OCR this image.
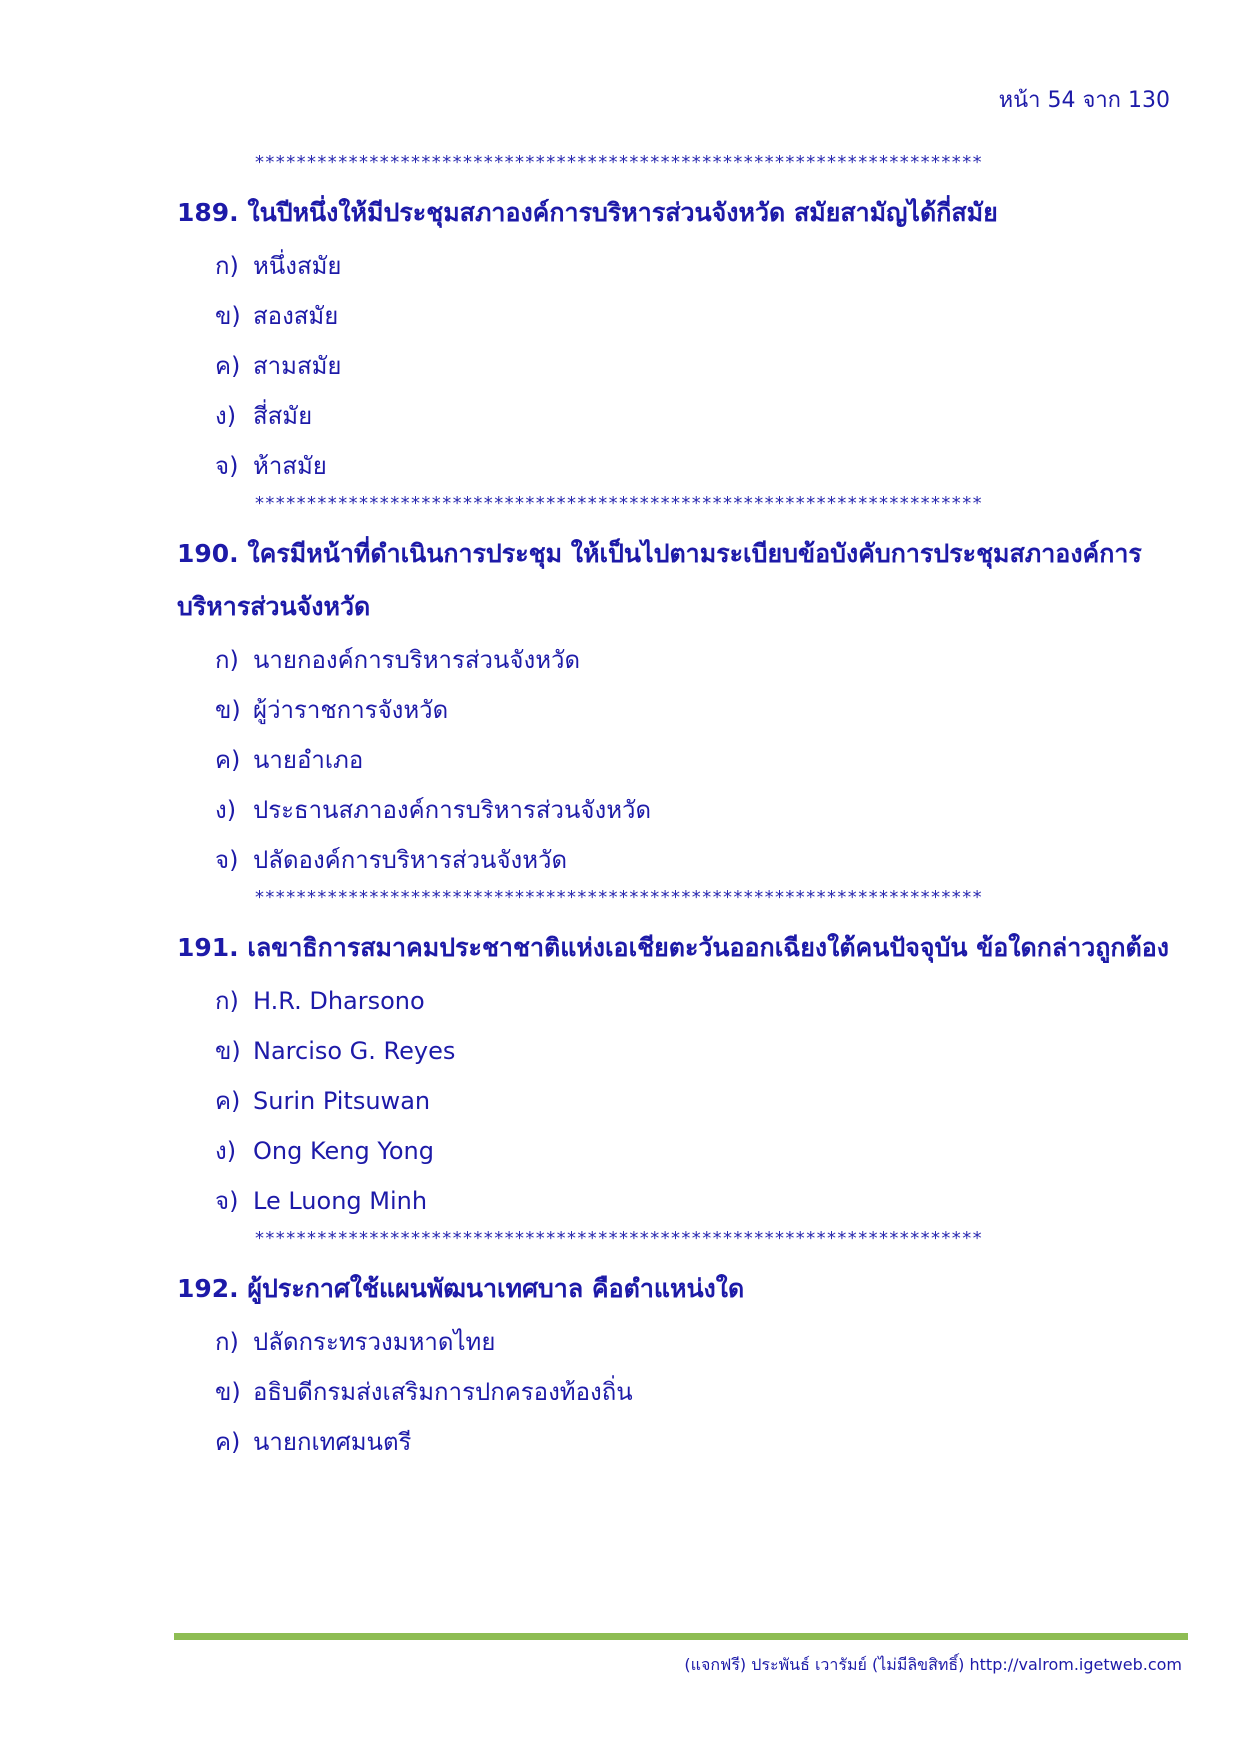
หน้า 54 จาก 130
**********************************************************************
189. ในปีหนึ่งให้มีประชุมสภาองค์การบริหารส่วนจังหวัด สมัยสามัญได้กี่สมัย
ก) หนึ่งสมัย
ข) สองสมัย
ค) สามสมัย
ง) สี่สมัย
จ) ห้าสมัย
**********************************************************************
190. ใครมีหน้าที่ดำเนินการประชุม ให้เป็นไปตามระเบียบข้อบังคับการประชุมสภาองค์การบริหารส่วนจังหวัด
ก) นายกองค์การบริหารส่วนจังหวัด
ข) ผู้ว่าราชการจังหวัด
ค) นายอำเภอ
ง) ประธานสภาองค์การบริหารส่วนจังหวัด
จ) ปลัดองค์การบริหารส่วนจังหวัด
**********************************************************************
191. เลขาธิการสมาคมประชาชาติแห่งเอเชียตะวันออกเฉียงใต้คนปัจจุบัน ข้อใดกล่าวถูกต้อง
ก) H.R. Dharsono
ข) Narciso G. Reyes
ค) Surin Pitsuwan
ง) Ong Keng Yong
จ) Le Luong Minh
**********************************************************************
192. ผู้ประกาศใช้แผนพัฒนาเทศบาล คือตำแหน่งใด
ก) ปลัดกระทรวงมหาดไทย
ข) อธิบดีกรมส่งเสริมการปกครองท้องถิ่น
ค) นายกเทศมนตรี
(แจกฟรี) ประพันธ์ เวารัมย์ (ไม่มีลิขสิทธิ์) http://valrom.igetweb.com
